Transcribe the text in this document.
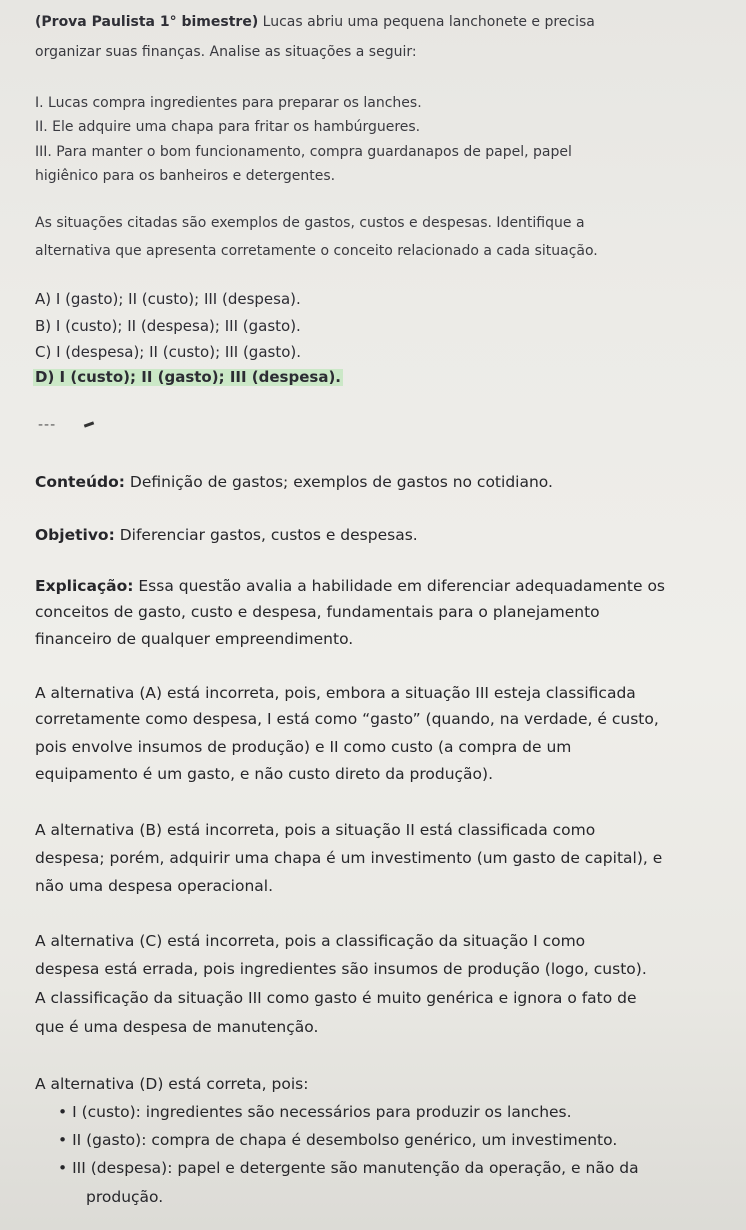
(Prova Paulista 1° bimestre) Lucas abriu uma pequena lanchonete e precisa
organizar suas finanças. Analise as situações a seguir:
I. Lucas compra ingredientes para preparar os lanches.
II. Ele adquire uma chapa para fritar os hambúrgueres.
III. Para manter o bom funcionamento, compra guardanapos de papel, papel
higiênico para os banheiros e detergentes.
As situações citadas são exemplos de gastos, custos e despesas. Identifique a
alternativa que apresenta corretamente o conceito relacionado a cada situação.
A) I (gasto); II (custo); III (despesa).
B) I (custo); II (despesa); III (gasto).
C) I (despesa); II (custo); III (gasto).
D) I (custo); II (gasto); III (despesa).
---
Conteúdo: Definição de gastos; exemplos de gastos no cotidiano.
Objetivo: Diferenciar gastos, custos e despesas.
Explicação: Essa questão avalia a habilidade em diferenciar adequadamente os
conceitos de gasto, custo e despesa, fundamentais para o planejamento
financeiro de qualquer empreendimento.
A alternativa (A) está incorreta, pois, embora a situação III esteja classificada
corretamente como despesa, I está como “gasto” (quando, na verdade, é custo,
pois envolve insumos de produção) e II como custo (a compra de um
equipamento é um gasto, e não custo direto da produção).
A alternativa (B) está incorreta, pois a situação II está classificada como
despesa; porém, adquirir uma chapa é um investimento (um gasto de capital), e
não uma despesa operacional.
A alternativa (C) está incorreta, pois a classificação da situação I como
despesa está errada, pois ingredientes são insumos de produção (logo, custo).
A classificação da situação III como gasto é muito genérica e ignora o fato de
que é uma despesa de manutenção.
A alternativa (D) está correta, pois:
• I (custo): ingredientes são necessários para produzir os lanches.
• II (gasto): compra de chapa é desembolso genérico, um investimento.
• III (despesa): papel e detergente são manutenção da operação, e não da
produção.
